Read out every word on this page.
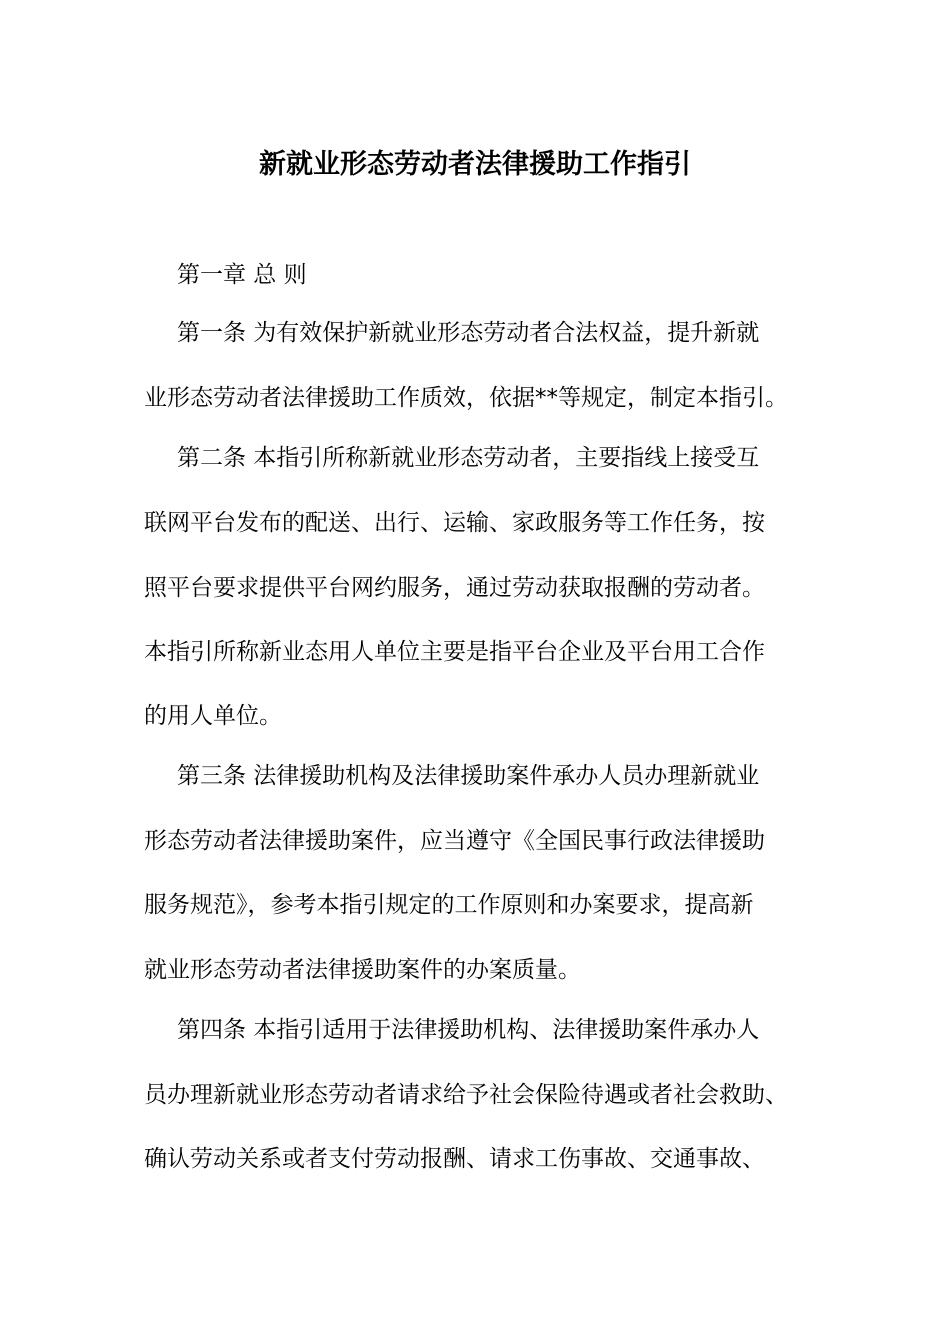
新就业形态劳动者法律援助工作指引
第一章 总 则
第一条 为有效保护新就业形态劳动者合法权益，提升新就
业形态劳动者法律援助工作质效，依据**等规定，制定本指引。
第二条 本指引所称新就业形态劳动者，主要指线上接受互
联网平台发布的配送、出行、运输、家政服务等工作任务，按
照平台要求提供平台网约服务，通过劳动获取报酬的劳动者。
本指引所称新业态用人单位主要是指平台企业及平台用工合作
的用人单位。
第三条 法律援助机构及法律援助案件承办人员办理新就业
形态劳动者法律援助案件，应当遵守《全国民事行政法律援助
服务规范》，参考本指引规定的工作原则和办案要求，提高新
就业形态劳动者法律援助案件的办案质量。
第四条 本指引适用于法律援助机构、法律援助案件承办人
员办理新就业形态劳动者请求给予社会保险待遇或者社会救助、
确认劳动关系或者支付劳动报酬、请求工伤事故、交通事故、
